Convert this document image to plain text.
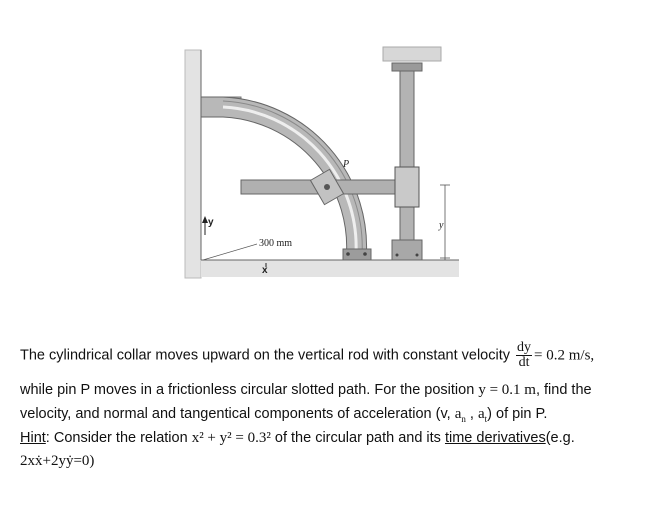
y
P
300 mm
y
x
The cylindrical collar moves upward on the vertical rod with constant velocity $\frac{dy}{dt} = 0.2$ m/s,
while pin P moves in a frictionless circular slotted path. For the position y = 0.1 m, find the
velocity, and normal and tangentical components of acceleration (v, $a_n$ , $a_t$) of pin P.
Hint: Consider the relation x² + y² = 0.3² of the circular path and its time derivatives(e.g.
2xẋ+2yẏ=0)
